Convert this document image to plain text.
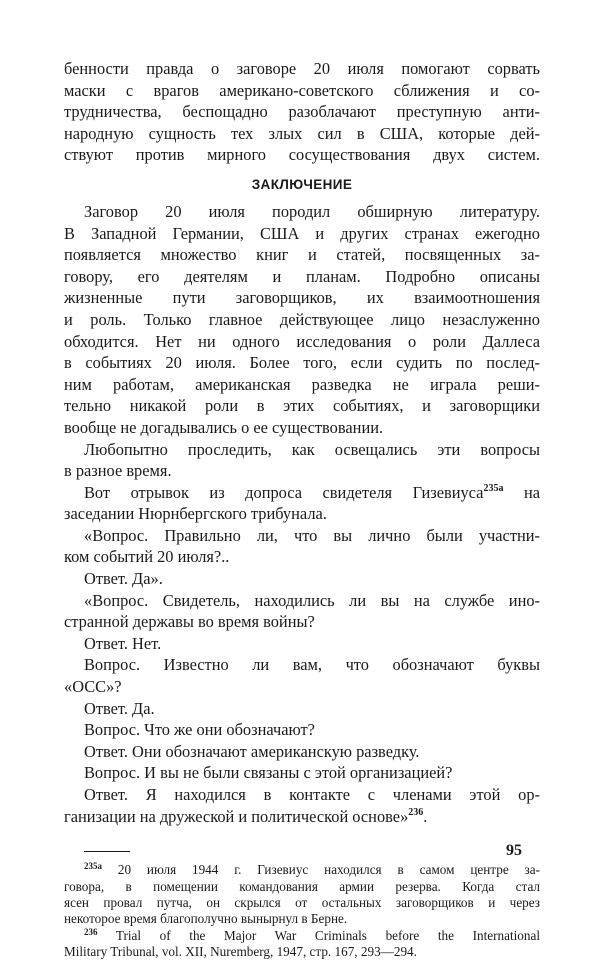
бенности правда о заговоре 20 июля помогают сорвать
маски с врагов американо-советского сближения и со-
трудничества, беспощадно разоблачают преступную анти-
народную сущность тех злых сил в США, которые дей-
ствуют против мирного сосуществования двух систем.
ЗАКЛЮЧЕНИЕ
Заговор 20 июля породил обширную литературу.
В Западной Германии, США и других странах ежегодно
появляется множество книг и статей, посвященных за-
говору, его деятелям и планам. Подробно описаны
жизненные пути заговорщиков, их взаимоотношения
и роль. Только главное действующее лицо незаслуженно
обходится. Нет ни одного исследования о роли Даллеса
в событиях 20 июля. Более того, если судить по послед-
ним работам, американская разведка не играла реши-
тельно никакой роли в этих событиях, и заговорщики
вообще не догадывались о ее существовании.
Любопытно проследить, как освещались эти вопросы
в разное время.
Вот отрывок из допроса свидетеля Гизевиуса$^{235a}$ на
заседании Нюрнбергского трибунала.
«Вопрос. Правильно ли, что вы лично были участни-
ком событий 20 июля?..
Ответ. Да».
«Вопрос. Свидетель, находились ли вы на службе ино-
странной державы во время войны?
Ответ. Нет.
Вопрос. Известно ли вам, что обозначают буквы
«ОСС»?
Ответ. Да.
Вопрос. Что же они обозначают?
Ответ. Они обозначают американскую разведку.
Вопрос. И вы не были связаны с этой организацией?
Ответ. Я находился в контакте с членами этой ор-
ганизации на дружеской и политической основе»$^{236}$.
$^{235a}$ 20 июля 1944 г. Гизевиус находился в самом центре за-
говора, в помещении командования армии резерва. Когда стал
ясен провал путча, он скрылся от остальных заговорщиков и через
некоторое время благополучно вынырнул в Берне.
$^{236}$ Trial of the Major War Criminals before the International
Military Tribunal, vol. XII, Nuremberg, 1947, стр. 167, 293—294.
95
